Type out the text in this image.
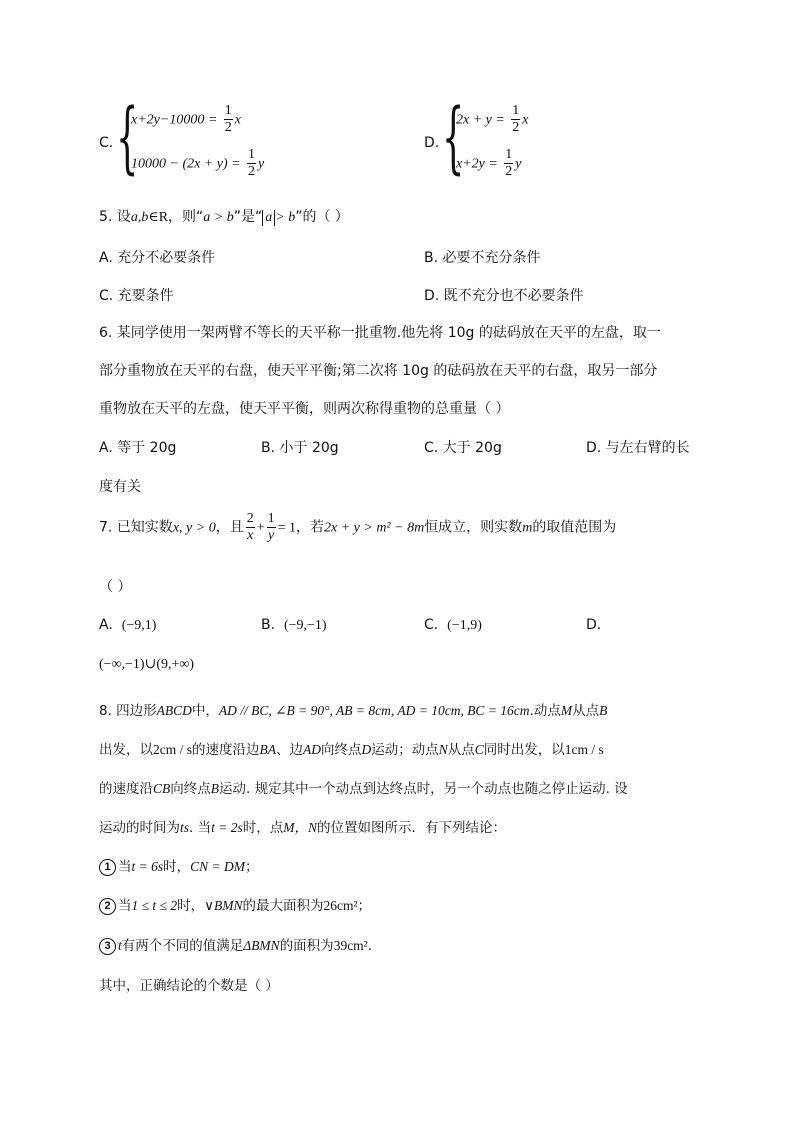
C. {
$x+2y-10000 = \frac{1}{2}$ x
$10000 - (2x + y) = \frac{1}{2}$ y
D. {
$2x + y = \frac{1}{2}$ x
$x+2y = \frac{1}{2}$ y
5. 设a,b∈R，则“a > b”是“ a > b”的（ ）
A. 充分不必要条件	B. 必要不充分条件
C. 充要条件	D. 既不充分也不必要条件
6. 某同学使用一架两臂不等长的天平称一批重物.他先将 10g 的砝码放在天平的左盘，取一
部分重物放在天平的右盘，使天平平衡;第二次将 10g 的砝码放在天平的右盘，取另一部分
重物放在天平的左盘，使天平平衡，则两次称得重物的总重量（ ）
A. 等于 20g	B. 小于 20g	C. 大于 20g	D. 与左右臂的长
度有关
7. 已知实数x, y > 0，且 $\frac{2}{x} + \frac{1}{y} = 1$，若2x + y > m² − 8m恒成立，则实数m的取值范围为
（ ）
A. (−9,1)	B. (−9,−1)	C. (−1,9)	D.
(−∞,−1)∪(9,+∞)
8. 四边形ABCD中，AD // BC, ∠B = 90°, AB = 8cm, AD = 10cm, BC = 16cm.动点M从点B
出发，以2cm / s的速度沿边BA、边AD向终点D运动；动点N从点C同时出发，以1cm / s
的速度沿CB向终点B运动. 规定其中一个动点到达终点时，另一个动点也随之停止运动. 设
运动的时间为ts. 当t = 2s时，点M，N的位置如图所示．有下列结论：
1 当t = 6s时，CN = DM；
2 当1 ≤ t ≤ 2时，∨BMN的最大面积为26cm²；
3 t有两个不同的值满足ΔBMN的面积为39cm².
其中，正确结论的个数是（ ）
